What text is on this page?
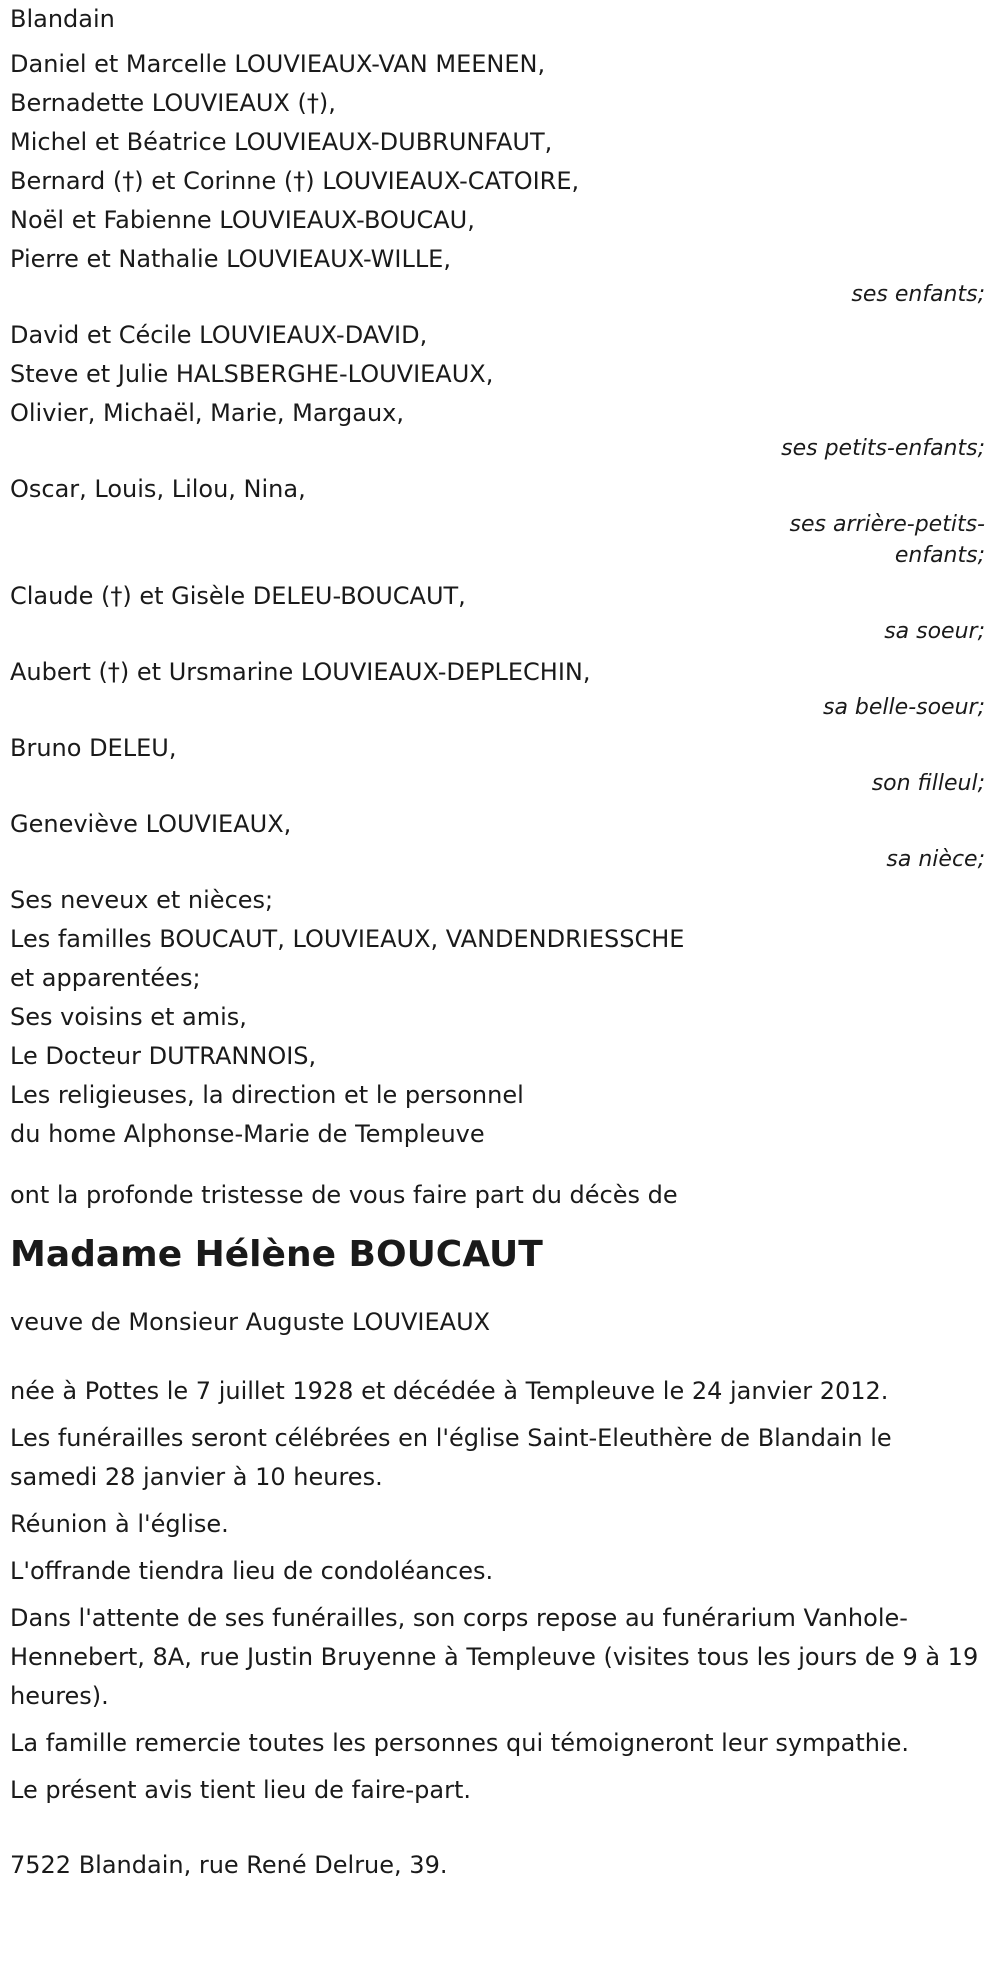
Blandain
Daniel et Marcelle LOUVIEAUX-VAN MEENEN,
Bernadette LOUVIEAUX (†),
Michel et Béatrice LOUVIEAUX-DUBRUNFAUT,
Bernard (†) et Corinne (†) LOUVIEAUX-CATOIRE,
Noël et Fabienne LOUVIEAUX-BOUCAU,
Pierre et Nathalie LOUVIEAUX-WILLE,
ses enfants;
David et Cécile LOUVIEAUX-DAVID,
Steve et Julie HALSBERGHE-LOUVIEAUX,
Olivier, Michaël, Marie, Margaux,
ses petits-enfants;
Oscar, Louis, Lilou, Nina,
ses arrière-petits-
enfants;
Claude (†) et Gisèle DELEU-BOUCAUT,
sa soeur;
Aubert (†) et Ursmarine LOUVIEAUX-DEPLECHIN,
sa belle-soeur;
Bruno DELEU,
son filleul;
Geneviève LOUVIEAUX,
sa nièce;
Ses neveux et nièces;
Les familles BOUCAUT, LOUVIEAUX, VANDENDRIESSCHE
et apparentées;
Ses voisins et amis,
Le Docteur DUTRANNOIS,
Les religieuses, la direction et le personnel
du home Alphonse-Marie de Templeuve
ont la profonde tristesse de vous faire part du décès de
Madame Hélène BOUCAUT
veuve de Monsieur Auguste LOUVIEAUX
née à Pottes le 7 juillet 1928 et décédée à Templeuve le 24 janvier 2012.
Les funérailles seront célébrées en l'église Saint-Eleuthère de Blandain le samedi 28 janvier à 10 heures.
Réunion à l'église.
L'offrande tiendra lieu de condoléances.
Dans l'attente de ses funérailles, son corps repose au funérarium Vanhole-Hennebert, 8A, rue Justin Bruyenne à Templeuve (visites tous les jours de 9 à 19 heures).
La famille remercie toutes les personnes qui témoigneront leur sympathie.
Le présent avis tient lieu de faire-part.
7522 Blandain, rue René Delrue, 39.
